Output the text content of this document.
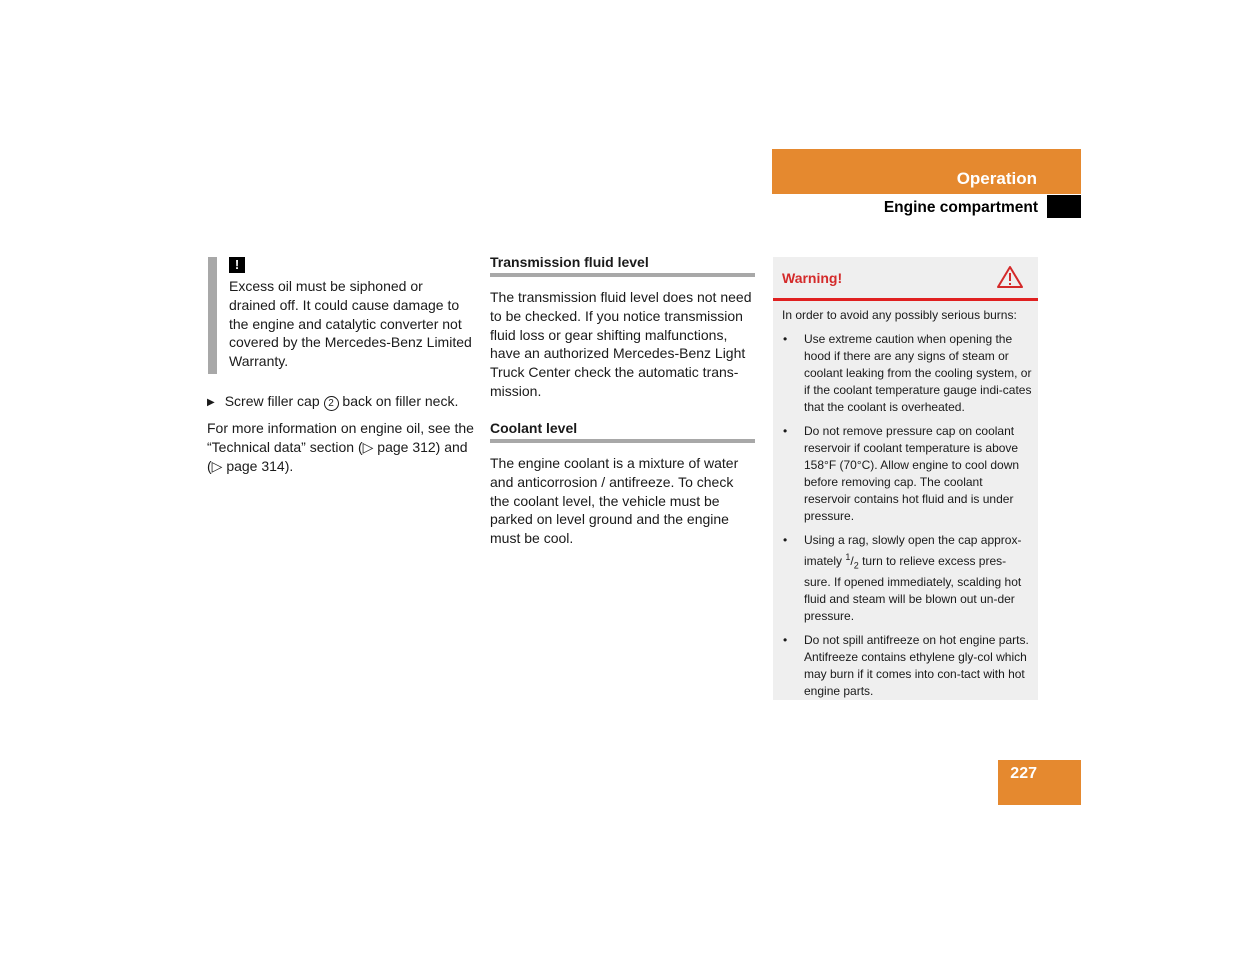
Operation
Engine compartment
!
Excess oil must be siphoned or drained off. It could cause damage to the engine and catalytic converter not covered by the Mercedes-Benz Limited Warranty.
▶ Screw filler cap 2 back on filler neck.
For more information on engine oil, see the “Technical data” section (▷ page 312) and (▷ page 314).
Transmission fluid level
The transmission fluid level does not need to be checked. If you notice transmission fluid loss or gear shifting malfunctions, have an authorized Mercedes-Benz Light Truck Center check the automatic trans-mission.
Coolant level
The engine coolant is a mixture of water and anticorrosion / antifreeze. To check the coolant level, the vehicle must be parked on level ground and the engine must be cool.
Warning!
In order to avoid any possibly serious burns:
• Use extreme caution when opening the hood if there are any signs of steam or coolant leaking from the cooling system, or if the coolant temperature gauge indi-cates that the coolant is overheated.
• Do not remove pressure cap on coolant reservoir if coolant temperature is above 158°F (70°C). Allow engine to cool down before removing cap. The coolant reservoir contains hot fluid and is under pressure.
• Using a rag, slowly open the cap approx-imately $^1/_2$ turn to relieve excess pres-sure. If opened immediately, scalding hot fluid and steam will be blown out un-der pressure.
• Do not spill antifreeze on hot engine parts. Antifreeze contains ethylene gly-col which may burn if it comes into con-tact with hot engine parts.
227
